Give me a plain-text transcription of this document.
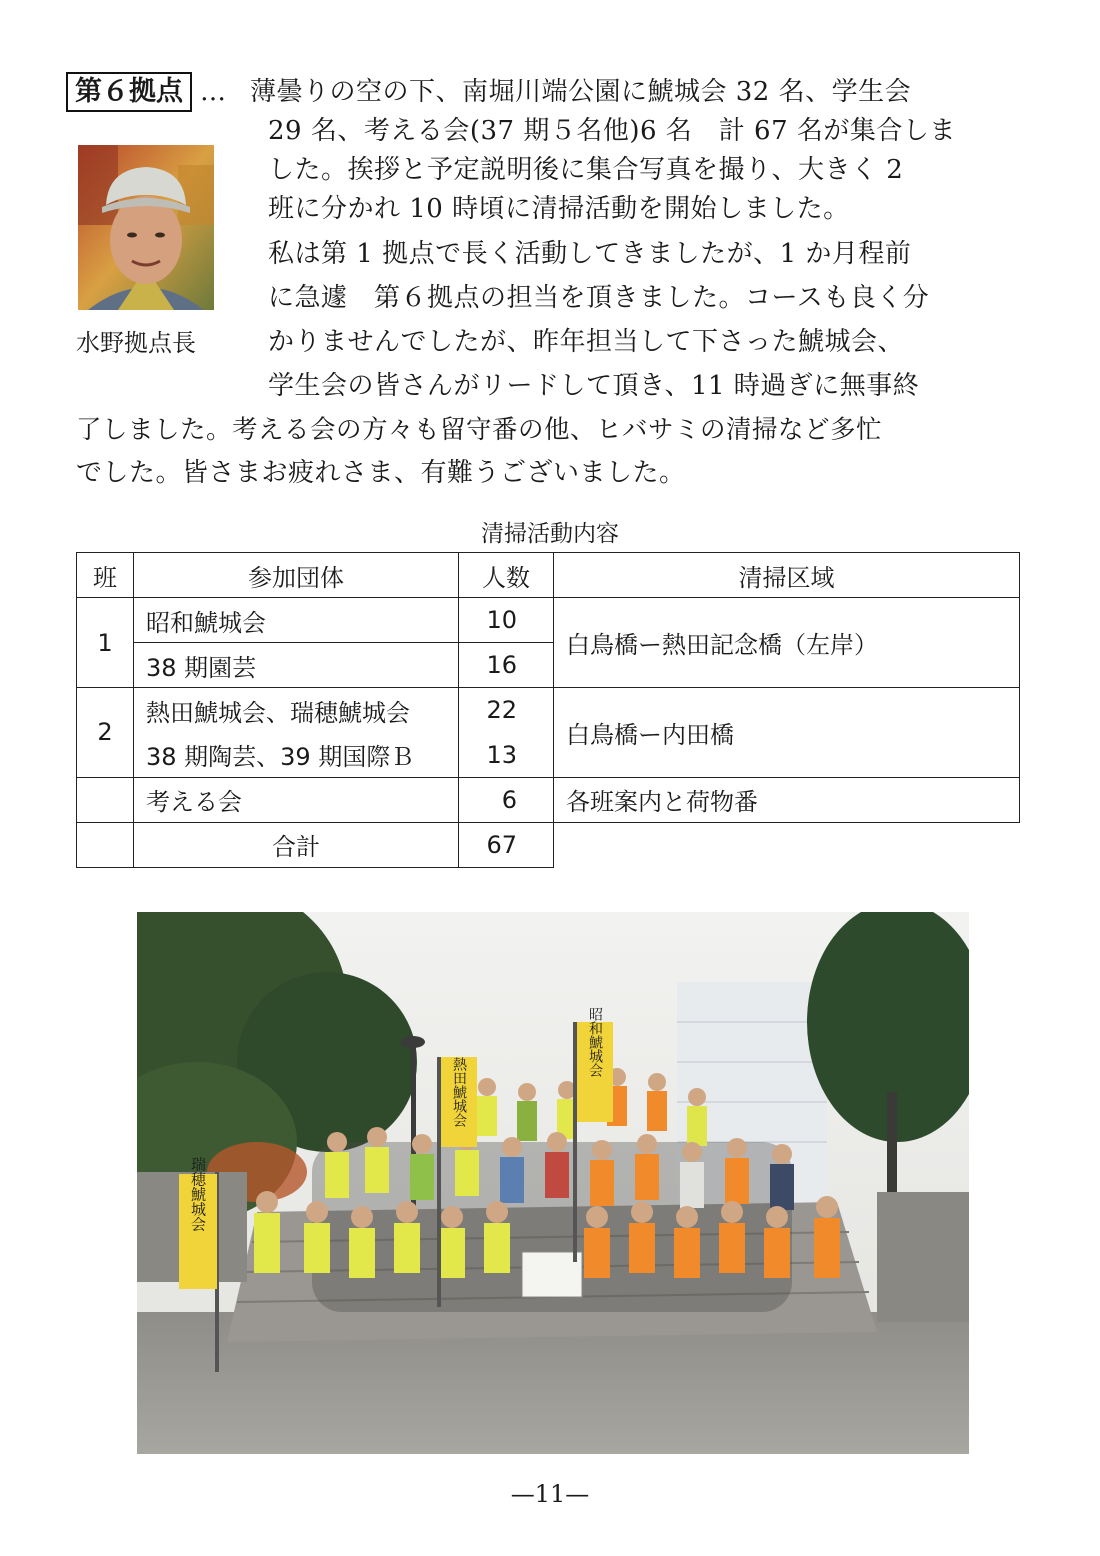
第６拠点 …
水野拠点長
薄曇りの空の下、南堀川端公園に鯱城会 32 名、学生会
29 名、考える会(37 期５名他)6 名　計 67 名が集合しま
した。挨拶と予定説明後に集合写真を撮り、大きく 2
班に分かれ 10 時頃に清掃活動を開始しました。
私は第 1 拠点で長く活動してきましたが、1 か月程前
に急遽　第６拠点の担当を頂きました。コースも良く分
かりませんでしたが、昨年担当して下さった鯱城会、
学生会の皆さんがリードして頂き、11 時過ぎに無事終
了しました。考える会の方々も留守番の他、ヒバサミの清掃など多忙
でした。皆さまお疲れさま、有難うございました。
清掃活動内容
班	参加団体	人数	清掃区域
1	昭和鯱城会	10	白鳥橋ー熱田記念橋（左岸）
	38 期園芸	16	
2	熱田鯱城会、瑞穂鯱城会	22	白鳥橋ー内田橋
	38 期陶芸、39 期国際Ｂ	13	
	考える会	6	各班案内と荷物番
	合計	67	
熱田鯱城会
昭和鯱城会
瑞穂鯱城会
—11—
